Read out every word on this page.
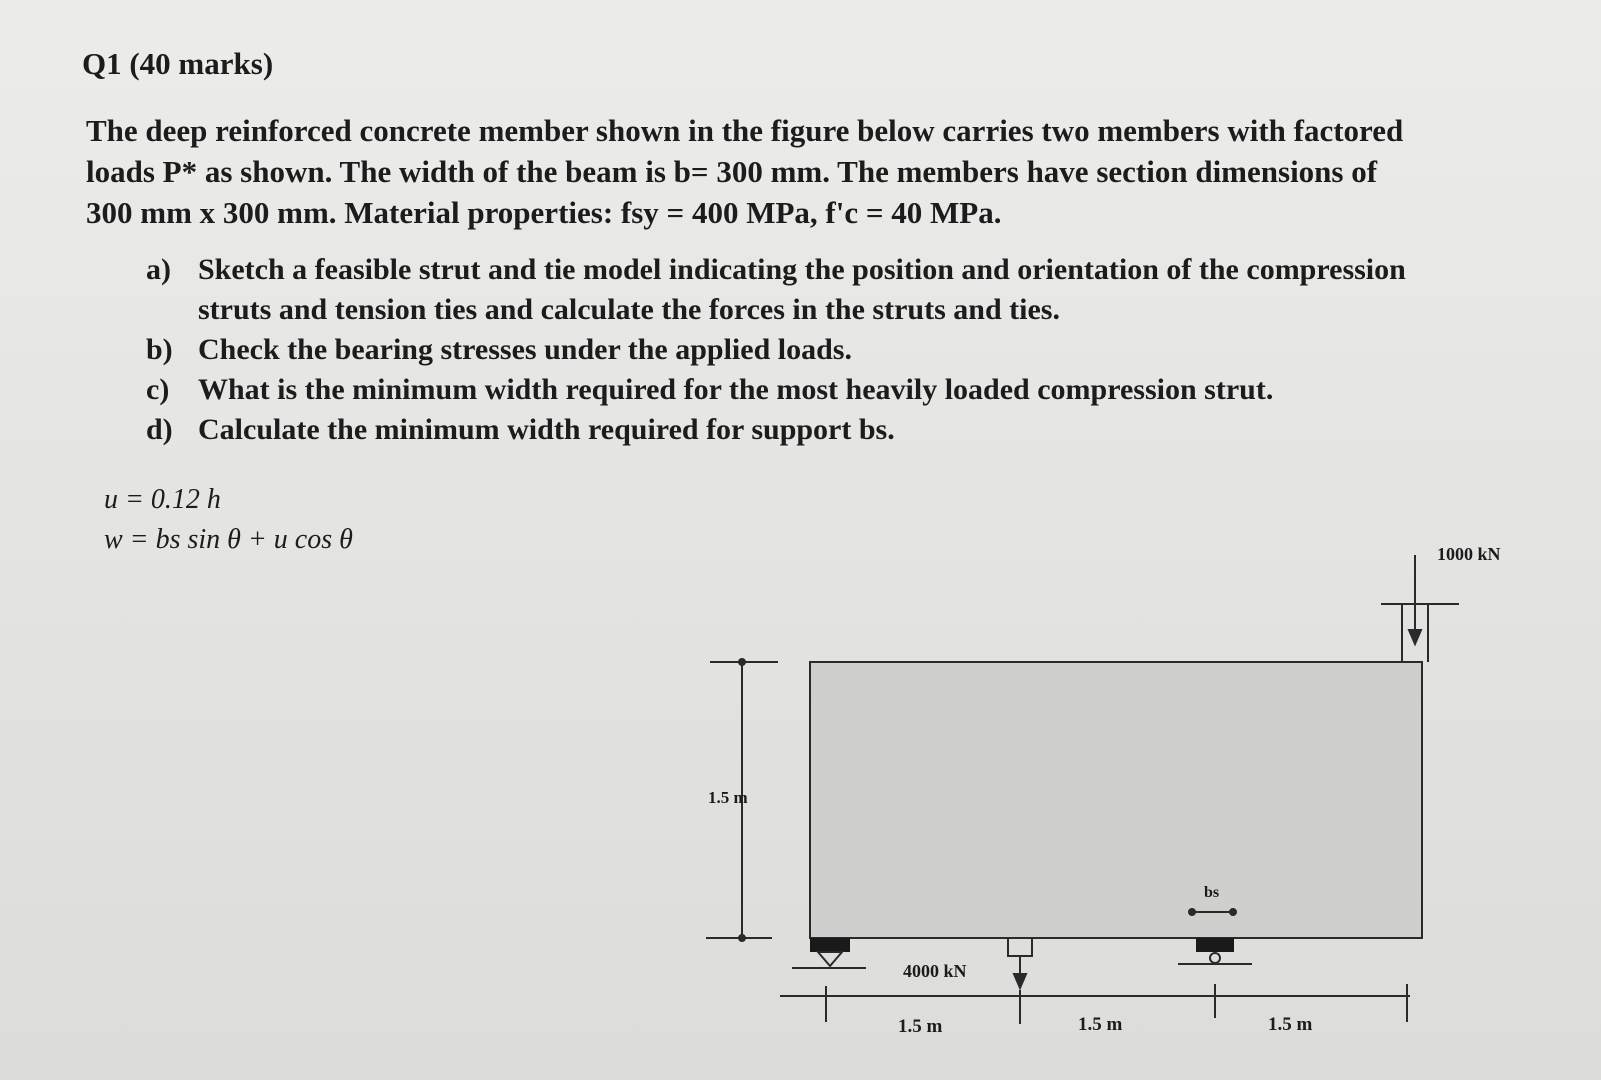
Q1 (40 marks)
The deep reinforced concrete member shown in the figure below carries two members with factored
loads P* as shown. The width of the beam is b= 300 mm. The members have section dimensions of
300 mm x 300 mm. Material properties: fsy = 400 MPa, f'c = 40 MPa.
a) Sketch a feasible strut and tie model indicating the position and orientation of the compression
struts and tension ties and calculate the forces in the struts and ties.
b) Check the bearing stresses under the applied loads.
c) What is the minimum width required for the most heavily loaded compression strut.
d) Calculate the minimum width required for support bs.
u = 0.12 h
w = bs sin θ + u cos θ	1000 kN
1.5 m
4000 kN
bs
1.5 m	1.5 m	1.5 m
